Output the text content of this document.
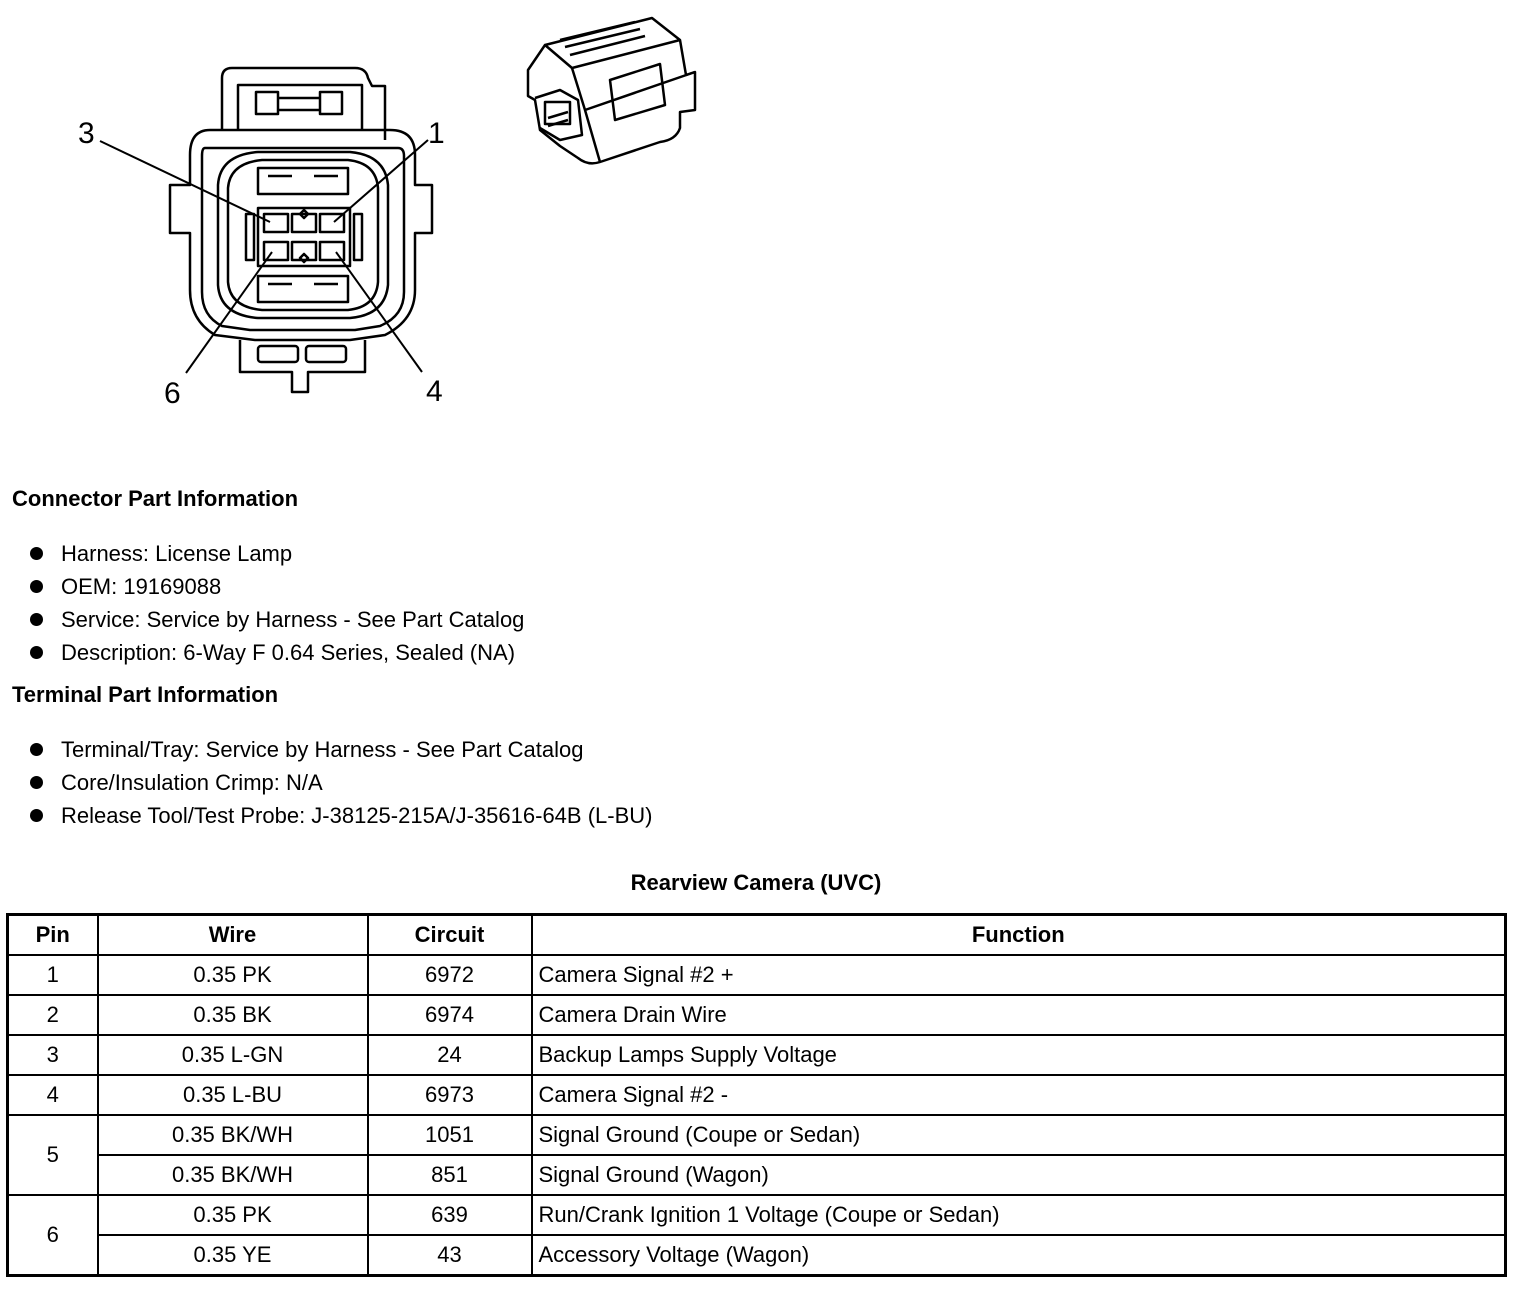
3	1
6	4
Connector Part Information
Harness: License Lamp
OEM: 19169088
Service: Service by Harness - See Part Catalog
Description: 6-Way F 0.64 Series, Sealed (NA)
Terminal Part Information
Terminal/Tray: Service by Harness - See Part Catalog
Core/Insulation Crimp: N/A
Release Tool/Test Probe: J-38125-215A/J-35616-64B (L-BU)
Rearview Camera (UVC)
Pin	Wire	Circuit	Function
1	0.35 PK	6972	Camera Signal #2 +
2	0.35 BK	6974	Camera Drain Wire
3	0.35 L-GN	24	Backup Lamps Supply Voltage
4	0.35 L-BU	6973	Camera Signal #2 -
5	0.35 BK/WH	1051	Signal Ground (Coupe or Sedan)
	0.35 BK/WH	851	Signal Ground (Wagon)
6	0.35 PK	639	Run/Crank Ignition 1 Voltage (Coupe or Sedan)
	0.35 YE	43	Accessory Voltage (Wagon)
